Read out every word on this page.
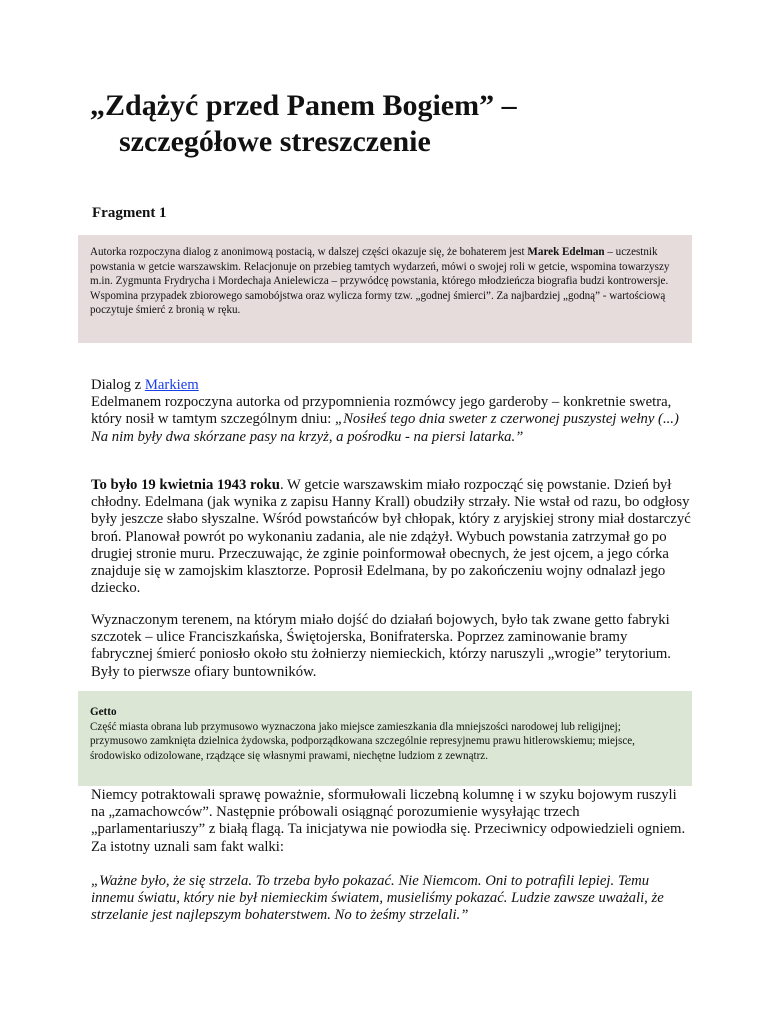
„Zdążyć przed Panem Bogiem” –
szczegółowe streszczenie
Fragment 1
Autorka rozpoczyna dialog z anonimową postacią, w dalszej części okazuje się, że bohaterem jest Marek Edelman – uczestnik powstania w getcie warszawskim. Relacjonuje on przebieg tamtych wydarzeń, mówi o swojej roli w getcie, wspomina towarzyszy m.in. Zygmunta Frydrycha i Mordechaja Anielewicza – przywódcę powstania, którego młodzieńcza biografia budzi kontrowersje. Wspomina przypadek zbiorowego samobójstwa oraz wylicza formy tzw. „godnej śmierci”. Za najbardziej „godną” - wartościową poczytuje śmierć z bronią w ręku.
Dialog z Markiem
Edelmanem rozpoczyna autorka od przypomnienia rozmówcy jego garderoby – konkretnie swetra, który nosił w tamtym szczególnym dniu: „Nosiłeś tego dnia sweter z czerwonej puszystej wełny (...) Na nim były dwa skórzane pasy na krzyż, a pośrodku - na piersi latarka.”
To było 19 kwietnia 1943 roku. W getcie warszawskim miało rozpocząć się powstanie. Dzień był chłodny. Edelmana (jak wynika z zapisu Hanny Krall) obudziły strzały. Nie wstał od razu, bo odgłosy były jeszcze słabo słyszalne. Wśród powstańców był chłopak, który z aryjskiej strony miał dostarczyć broń. Planował powrót po wykonaniu zadania, ale nie zdążył. Wybuch powstania zatrzymał go po drugiej stronie muru. Przeczuwając, że zginie poinformował obecnych, że jest ojcem, a jego córka znajduje się w zamojskim klasztorze. Poprosił Edelmana, by po zakończeniu wojny odnalazł jego dziecko.
Wyznaczonym terenem, na którym miało dojść do działań bojowych, było tak zwane getto fabryki szczotek – ulice Franciszkańska, Świętojerska, Bonifraterska. Poprzez zaminowanie bramy fabrycznej śmierć poniosło około stu żołnierzy niemieckich, którzy naruszyli „wrogie” terytorium. Były to pierwsze ofiary buntowników.
Getto
Część miasta obrana lub przymusowo wyznaczona jako miejsce zamieszkania dla mniejszości narodowej lub religijnej; przymusowo zamknięta dzielnica żydowska, podporządkowana szczególnie represyjnemu prawu hitlerowskiemu; miejsce, środowisko odizolowane, rządzące się własnymi prawami, niechętne ludziom z zewnątrz.
Niemcy potraktowali sprawę poważnie, sformułowali liczebną kolumnę i w szyku bojowym ruszyli na „zamachowców”. Następnie próbowali osiągnąć porozumienie wysyłając trzech „parlamentariuszy” z białą flagą. Ta inicjatywa nie powiodła się. Przeciwnicy odpowiedzieli ogniem. Za istotny uznali sam fakt walki:
„Ważne było, że się strzela. To trzeba było pokazać. Nie Niemcom. Oni to potrafili lepiej. Temu innemu światu, który nie był niemieckim światem, musieliśmy pokazać. Ludzie zawsze uważali, że strzelanie jest najlepszym bohaterstwem. No to żeśmy strzelali.”
